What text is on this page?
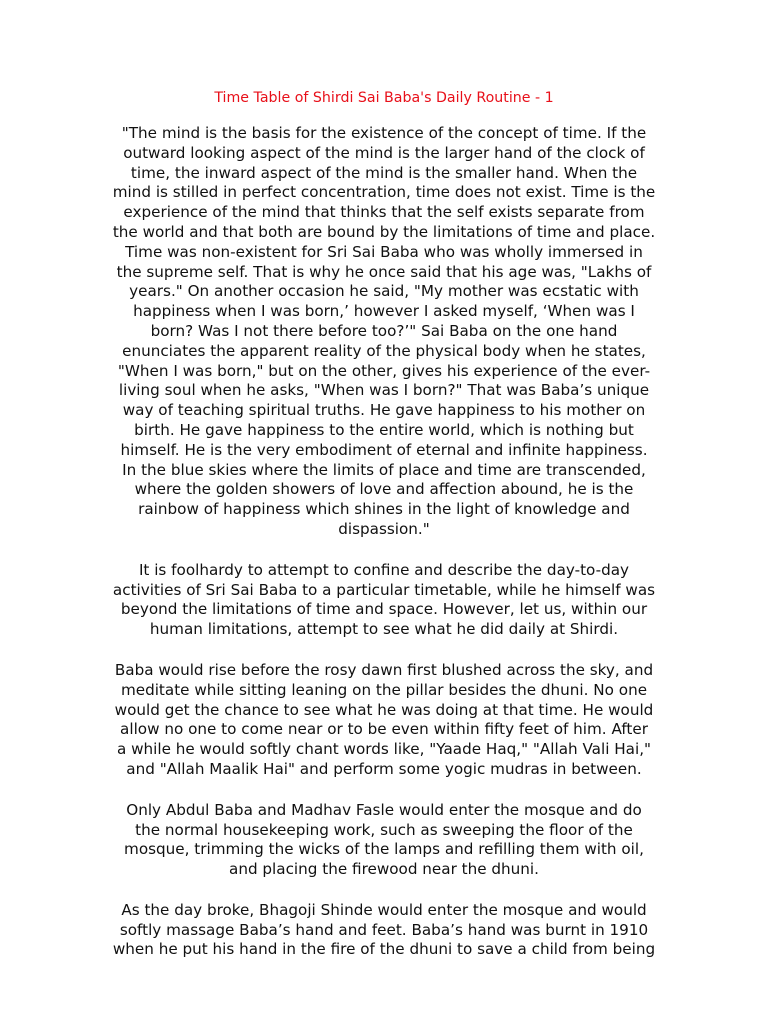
Time Table of Shirdi Sai Baba's Daily Routine - 1
"The mind is the basis for the existence of the concept of time. If the
outward looking aspect of the mind is the larger hand of the clock of
time, the inward aspect of the mind is the smaller hand. When the
mind is stilled in perfect concentration, time does not exist. Time is the
experience of the mind that thinks that the self exists separate from
the world and that both are bound by the limitations of time and place.
Time was non-existent for Sri Sai Baba who was wholly immersed in
the supreme self. That is why he once said that his age was, "Lakhs of
years." On another occasion he said, "My mother was ecstatic with
happiness when I was born,’ however I asked myself, ‘When was I
born? Was I not there before too?’" Sai Baba on the one hand
enunciates the apparent reality of the physical body when he states,
"When I was born," but on the other, gives his experience of the ever-
living soul when he asks, "When was I born?" That was Baba’s unique
way of teaching spiritual truths. He gave happiness to his mother on
birth. He gave happiness to the entire world, which is nothing but
himself. He is the very embodiment of eternal and infinite happiness.
In the blue skies where the limits of place and time are transcended,
where the golden showers of love and affection abound, he is the
rainbow of happiness which shines in the light of knowledge and
dispassion."
It is foolhardy to attempt to confine and describe the day-to-day
activities of Sri Sai Baba to a particular timetable, while he himself was
beyond the limitations of time and space. However, let us, within our
human limitations, attempt to see what he did daily at Shirdi.
Baba would rise before the rosy dawn first blushed across the sky, and
meditate while sitting leaning on the pillar besides the dhuni. No one
would get the chance to see what he was doing at that time. He would
allow no one to come near or to be even within fifty feet of him. After
a while he would softly chant words like, "Yaade Haq," "Allah Vali Hai,"
and "Allah Maalik Hai" and perform some yogic mudras in between.
Only Abdul Baba and Madhav Fasle would enter the mosque and do
the normal housekeeping work, such as sweeping the floor of the
mosque, trimming the wicks of the lamps and refilling them with oil,
and placing the firewood near the dhuni.
As the day broke, Bhagoji Shinde would enter the mosque and would
softly massage Baba’s hand and feet. Baba’s hand was burnt in 1910
when he put his hand in the fire of the dhuni to save a child from being
